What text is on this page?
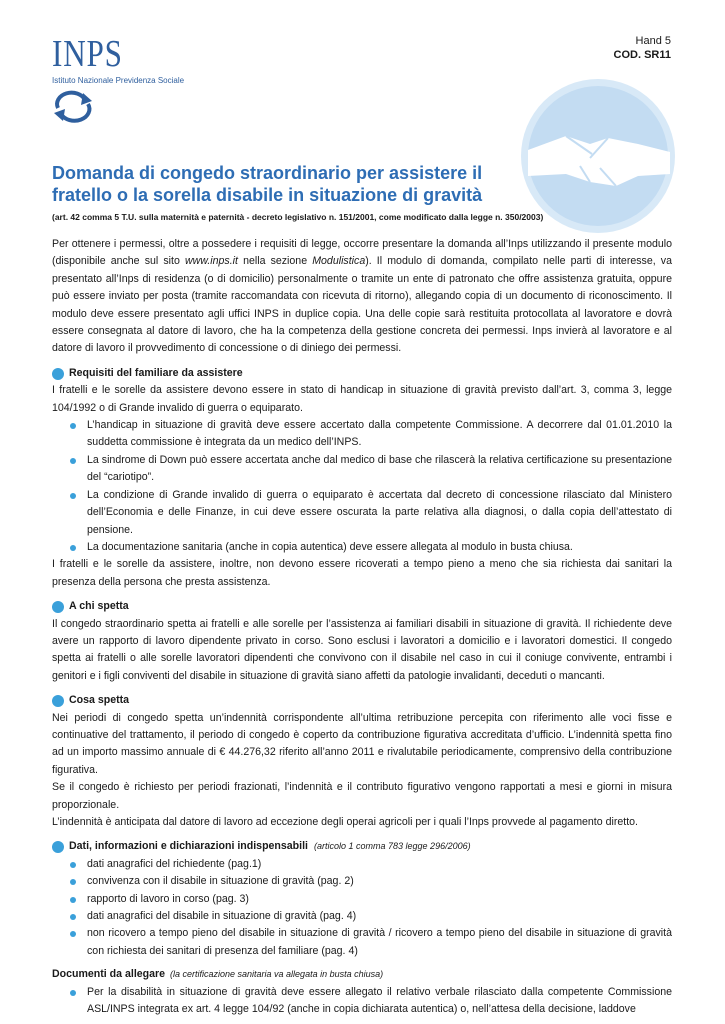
INPS
Istituto Nazionale Previdenza Sociale
Hand 5
COD. SR11
Domanda di congedo straordinario per assistere il fratello o la sorella disabile in situazione di gravità
(art. 42 comma 5 T.U. sulla maternità e paternità - decreto legislativo n. 151/2001, come modificato dalla legge n. 350/2003)

Per ottenere i permessi, oltre a possedere i requisiti di legge, occorre presentare la domanda all’Inps utilizzando il presente modulo (disponibile anche sul sito www.inps.it nella sezione Modulistica). Il modulo di domanda, compilato nelle parti di interesse, va presentato all’Inps di residenza (o di domicilio) personalmente o tramite un ente di patronato che offre assistenza gratuita, oppure può essere inviato per posta (tramite raccomandata con ricevuta di ritorno), allegando copia di un documento di riconoscimento. Il modulo deve essere presentato agli uffici INPS in duplice copia. Una delle copie sarà restituita protocollata al lavoratore e dovrà essere consegnata al datore di lavoro, che ha la competenza della gestione concreta dei permessi. Inps invierà al lavoratore e al datore di lavoro il provvedimento di concessione o di diniego dei permessi.

Requisiti del familiare da assistere

I fratelli e le sorelle da assistere devono essere in stato di handicap in situazione di gravità previsto dall’art. 3, comma 3, legge 104/1992 o di Grande invalido di guerra o equiparato.

L’handicap in situazione di gravità deve essere accertato dalla competente Commissione. A decorrere dal 01.01.2010 la suddetta commissione è integrata da un medico dell’INPS.
La sindrome di Down può essere accertata anche dal medico di base che rilascerà la relativa certificazione su presentazione del “cariotipo”.
La condizione di Grande invalido di guerra o equiparato è accertata dal decreto di concessione rilasciato dal Ministero dell’Economia e delle Finanze, in cui deve essere oscurata la parte relativa alla diagnosi, o dalla copia dell’attestato di pensione.
La documentazione sanitaria (anche in copia autentica) deve essere allegata al modulo in busta chiusa.

I fratelli e le sorelle da assistere, inoltre, non devono essere ricoverati a tempo pieno a meno che sia richiesta dai sanitari la presenza della persona che presta assistenza.

A chi spetta

Il congedo straordinario spetta ai fratelli e alle sorelle per l’assistenza ai familiari disabili in situazione di gravità. Il richiedente deve avere un rapporto di lavoro dipendente privato in corso. Sono esclusi i lavoratori a domicilio e i lavoratori domestici. Il congedo spetta ai fratelli o alle sorelle lavoratori dipendenti che convivono con il disabile nel caso in cui il coniuge convivente, entrambi i genitori e i figli conviventi del disabile in situazione di gravità siano affetti da patologie invalidanti, deceduti o mancanti.

Cosa spetta

Nei periodi di congedo spetta un’indennità corrispondente all’ultima retribuzione percepita con riferimento alle voci fisse e continuative del trattamento, il periodo di congedo è coperto da contribuzione figurativa accreditata d’ufficio. L’indennità spetta fino ad un importo massimo annuale di € 44.276,32 riferito all’anno 2011 e rivalutabile periodicamente, comprensivo della contribuzione figurativa.

Se il congedo è richiesto per periodi frazionati, l’indennità e il contributo figurativo vengono rapportati a mesi e giorni in misura proporzionale.

L’indennità è anticipata dal datore di lavoro ad eccezione degli operai agricoli per i quali l’Inps provvede al pagamento diretto.

Dati, informazioni e dichiarazioni indispensabili (articolo 1 comma 783 legge 296/2006)
dati anagrafici del richiedente (pag.1)
convivenza con il disabile in situazione di gravità (pag. 2)
rapporto di lavoro in corso (pag. 3)
dati anagrafici del disabile in situazione di gravità (pag. 4)
non ricovero a tempo pieno del disabile in situazione di gravità / ricovero a tempo pieno del disabile in situazione di gravità con richiesta dei sanitari di presenza del familiare (pag. 4)
Documenti da allegare (la certificazione sanitaria va allegata in busta chiusa)
Per la disabilità in situazione di gravità deve essere allegato il relativo verbale rilasciato dalla competente Commissione ASL/INPS integrata ex art. 4 legge 104/92 (anche in copia dichiarata autentica) o, nell’attesa della decisione, laddove
